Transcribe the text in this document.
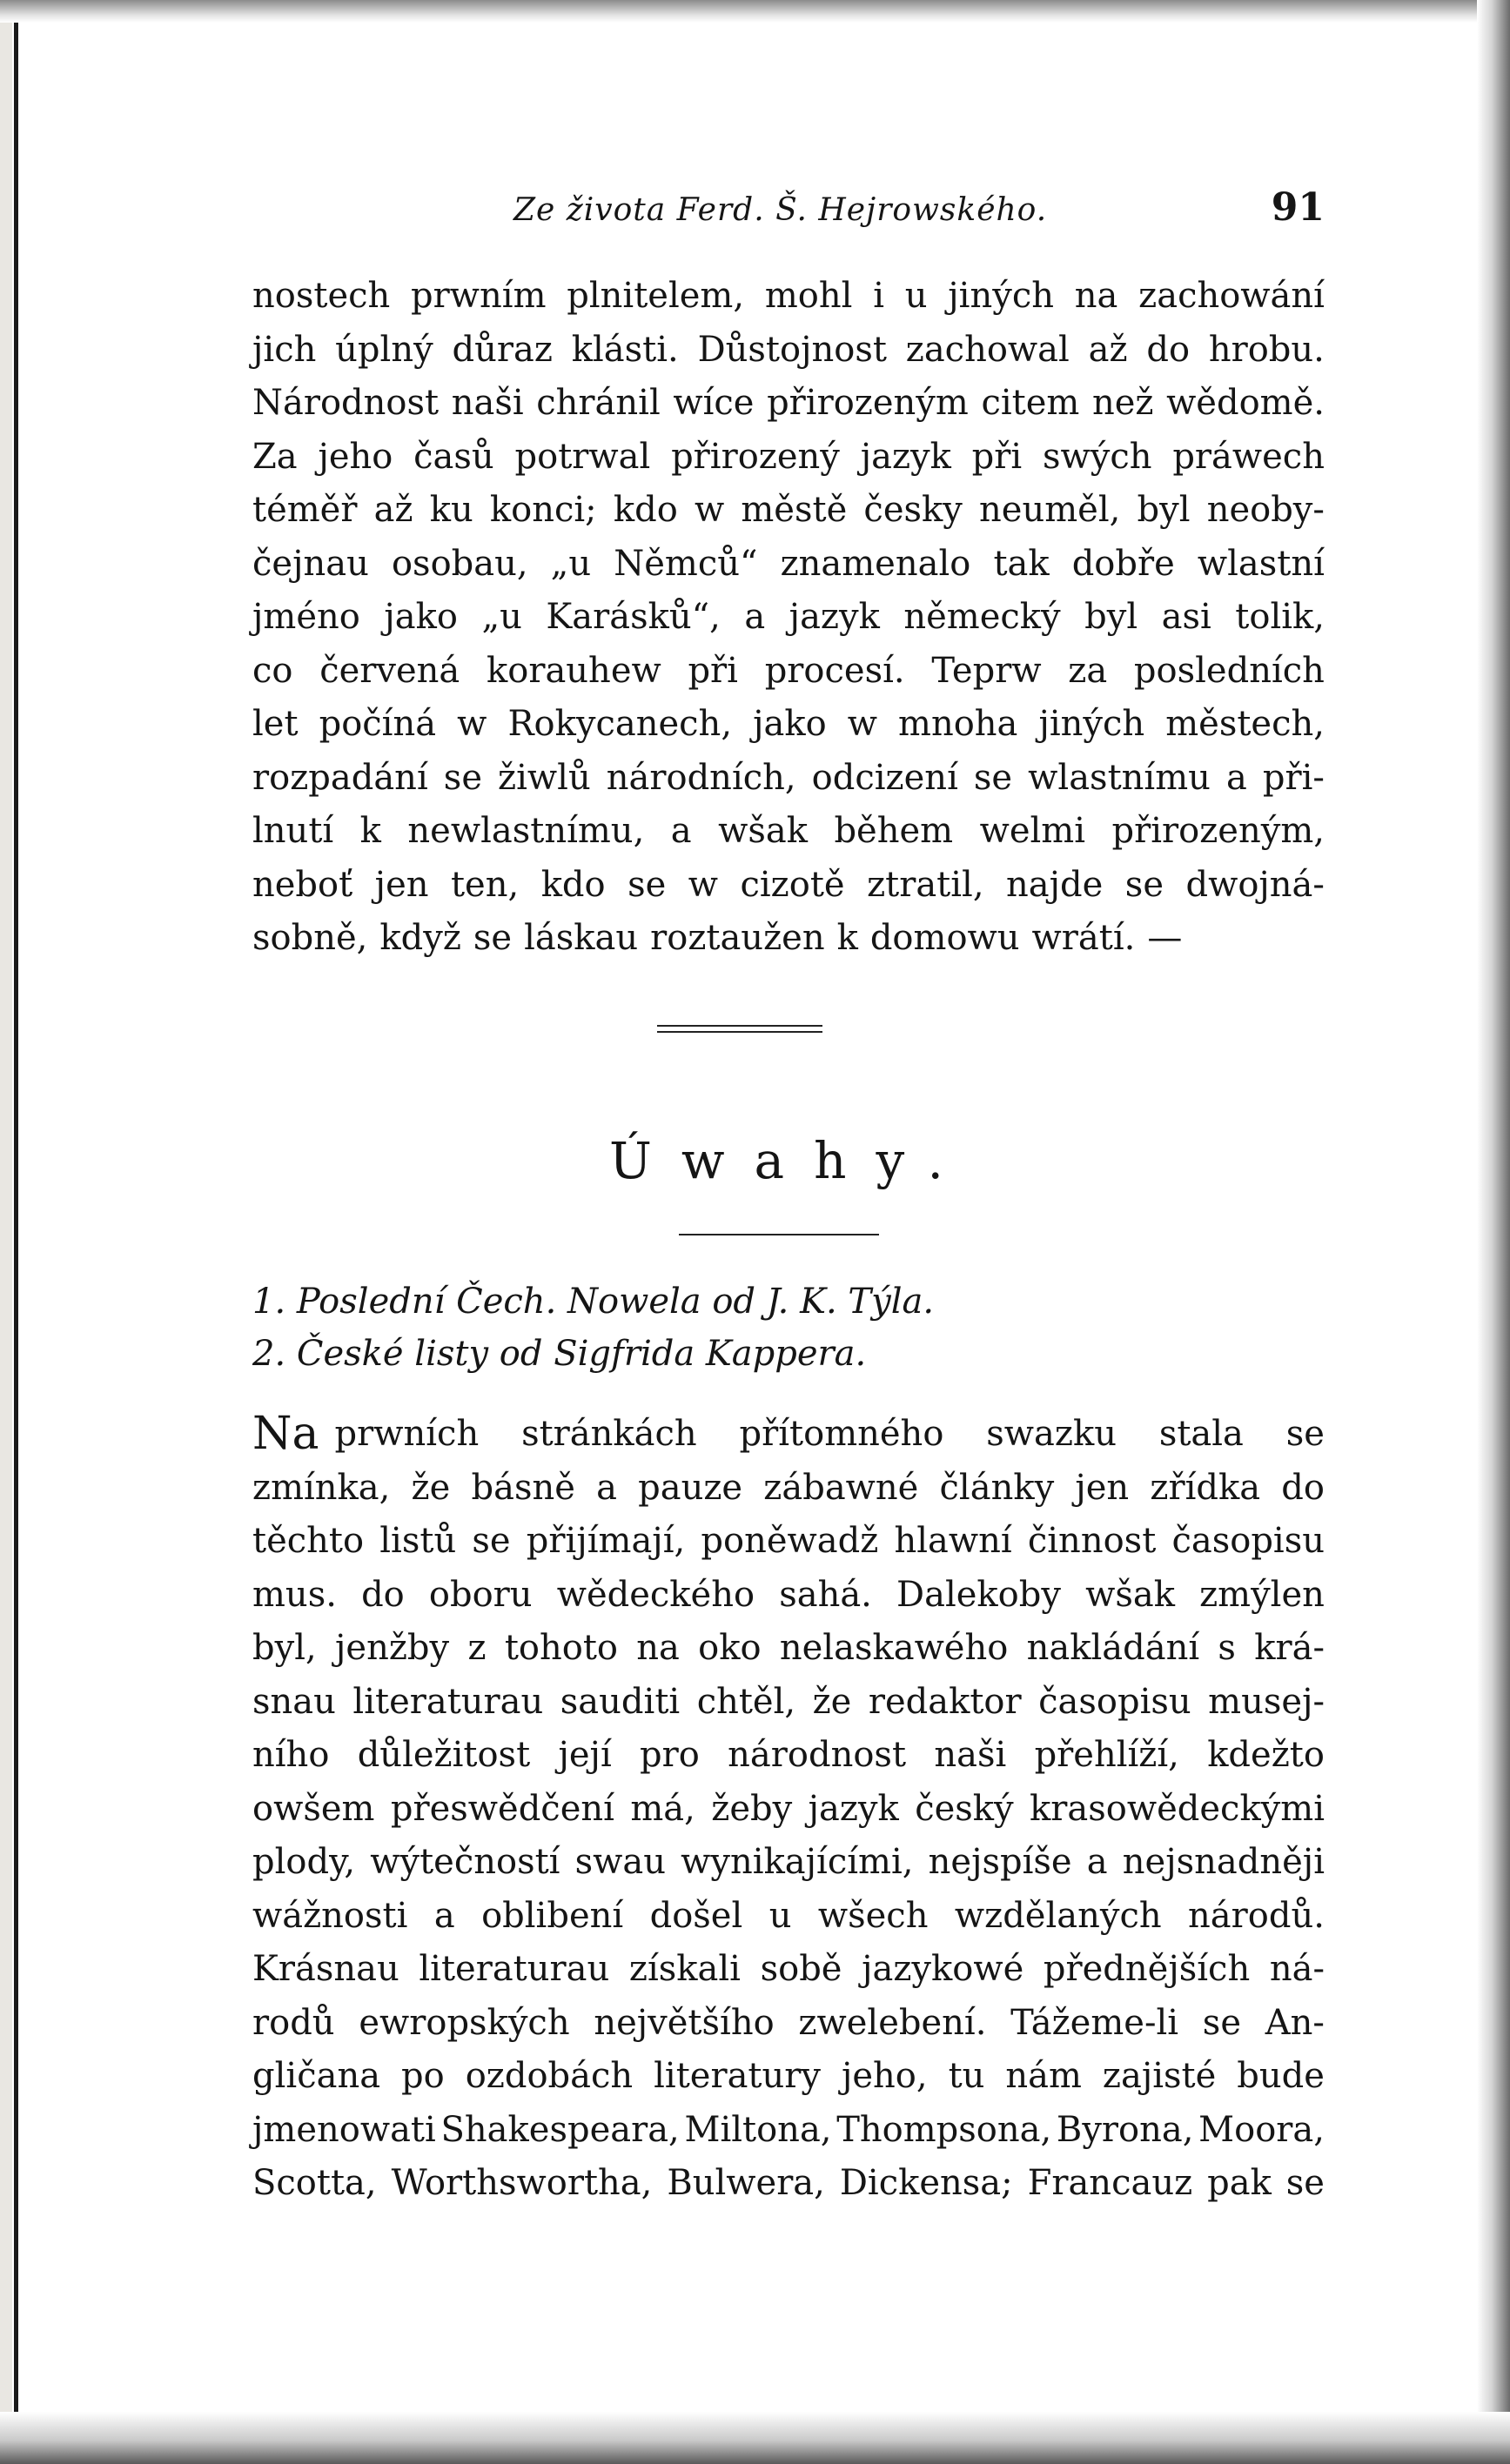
Ze života Ferd. Š. Hejrowského.	91
nostech prwním plnitelem, mohl i u jiných na zachowání
jich úplný důraz klásti. Důstojnost zachowal až do hrobu.
Národnost naši chránil wíce přirozeným citem než wědomě.
Za jeho časů potrwal přirozený jazyk při swých práwech
téměř až ku konci; kdo w městě česky neuměl, byl neoby-
čejnau osobau, „u Němců“ znamenalo tak dobře wlastní
jméno jako „u Karásků“, a jazyk německý byl asi tolik,
co červená korauhew při procesí. Teprw za posledních
let počíná w Rokycanech, jako w mnoha jiných městech,
rozpadání se žiwlů národních, odcizení se wlastnímu a při-
lnutí k newlastnímu, a wšak během welmi přirozeným,
neboť jen ten, kdo se w cizotě ztratil, najde se dwojná-
sobně, když se láskau roztaužen k domowu wrátí. —
Úwahy.
1. Poslední Čech. Nowela od J. K. Týla.
2. České listy od Sigfrida Kappera.
Na prwních stránkách přítomného swazku stala se
zmínka, že básně a pauze zábawné články jen zřídka do
těchto listů se přijímají, poněwadž hlawní činnost časopisu
mus. do oboru wědeckého sahá. Dalekoby wšak zmýlen
byl, jenžby z tohoto na oko nelaskawého nakládání s krá-
snau literaturau sauditi chtěl, že redaktor časopisu musej-
ního důležitost její pro národnost naši přehlíží, kdežto
owšem přeswědčení má, žeby jazyk český krasowědeckými
plody, wýtečností swau wynikajícími, nejspíše a nejsnadněji
wážnosti a oblibení došel u wšech wzdělaných národů.
Krásnau literaturau získali sobě jazykowé přednějších ná-
rodů ewropských největšího zwelebení. Tážeme-li se An-
gličana po ozdobách literatury jeho, tu nám zajisté bude
jmenowati Shakespeara, Miltona, Thompsona, Byrona, Moora,
Scotta, Worthswortha, Bulwera, Dickensa; Francauz pak se
